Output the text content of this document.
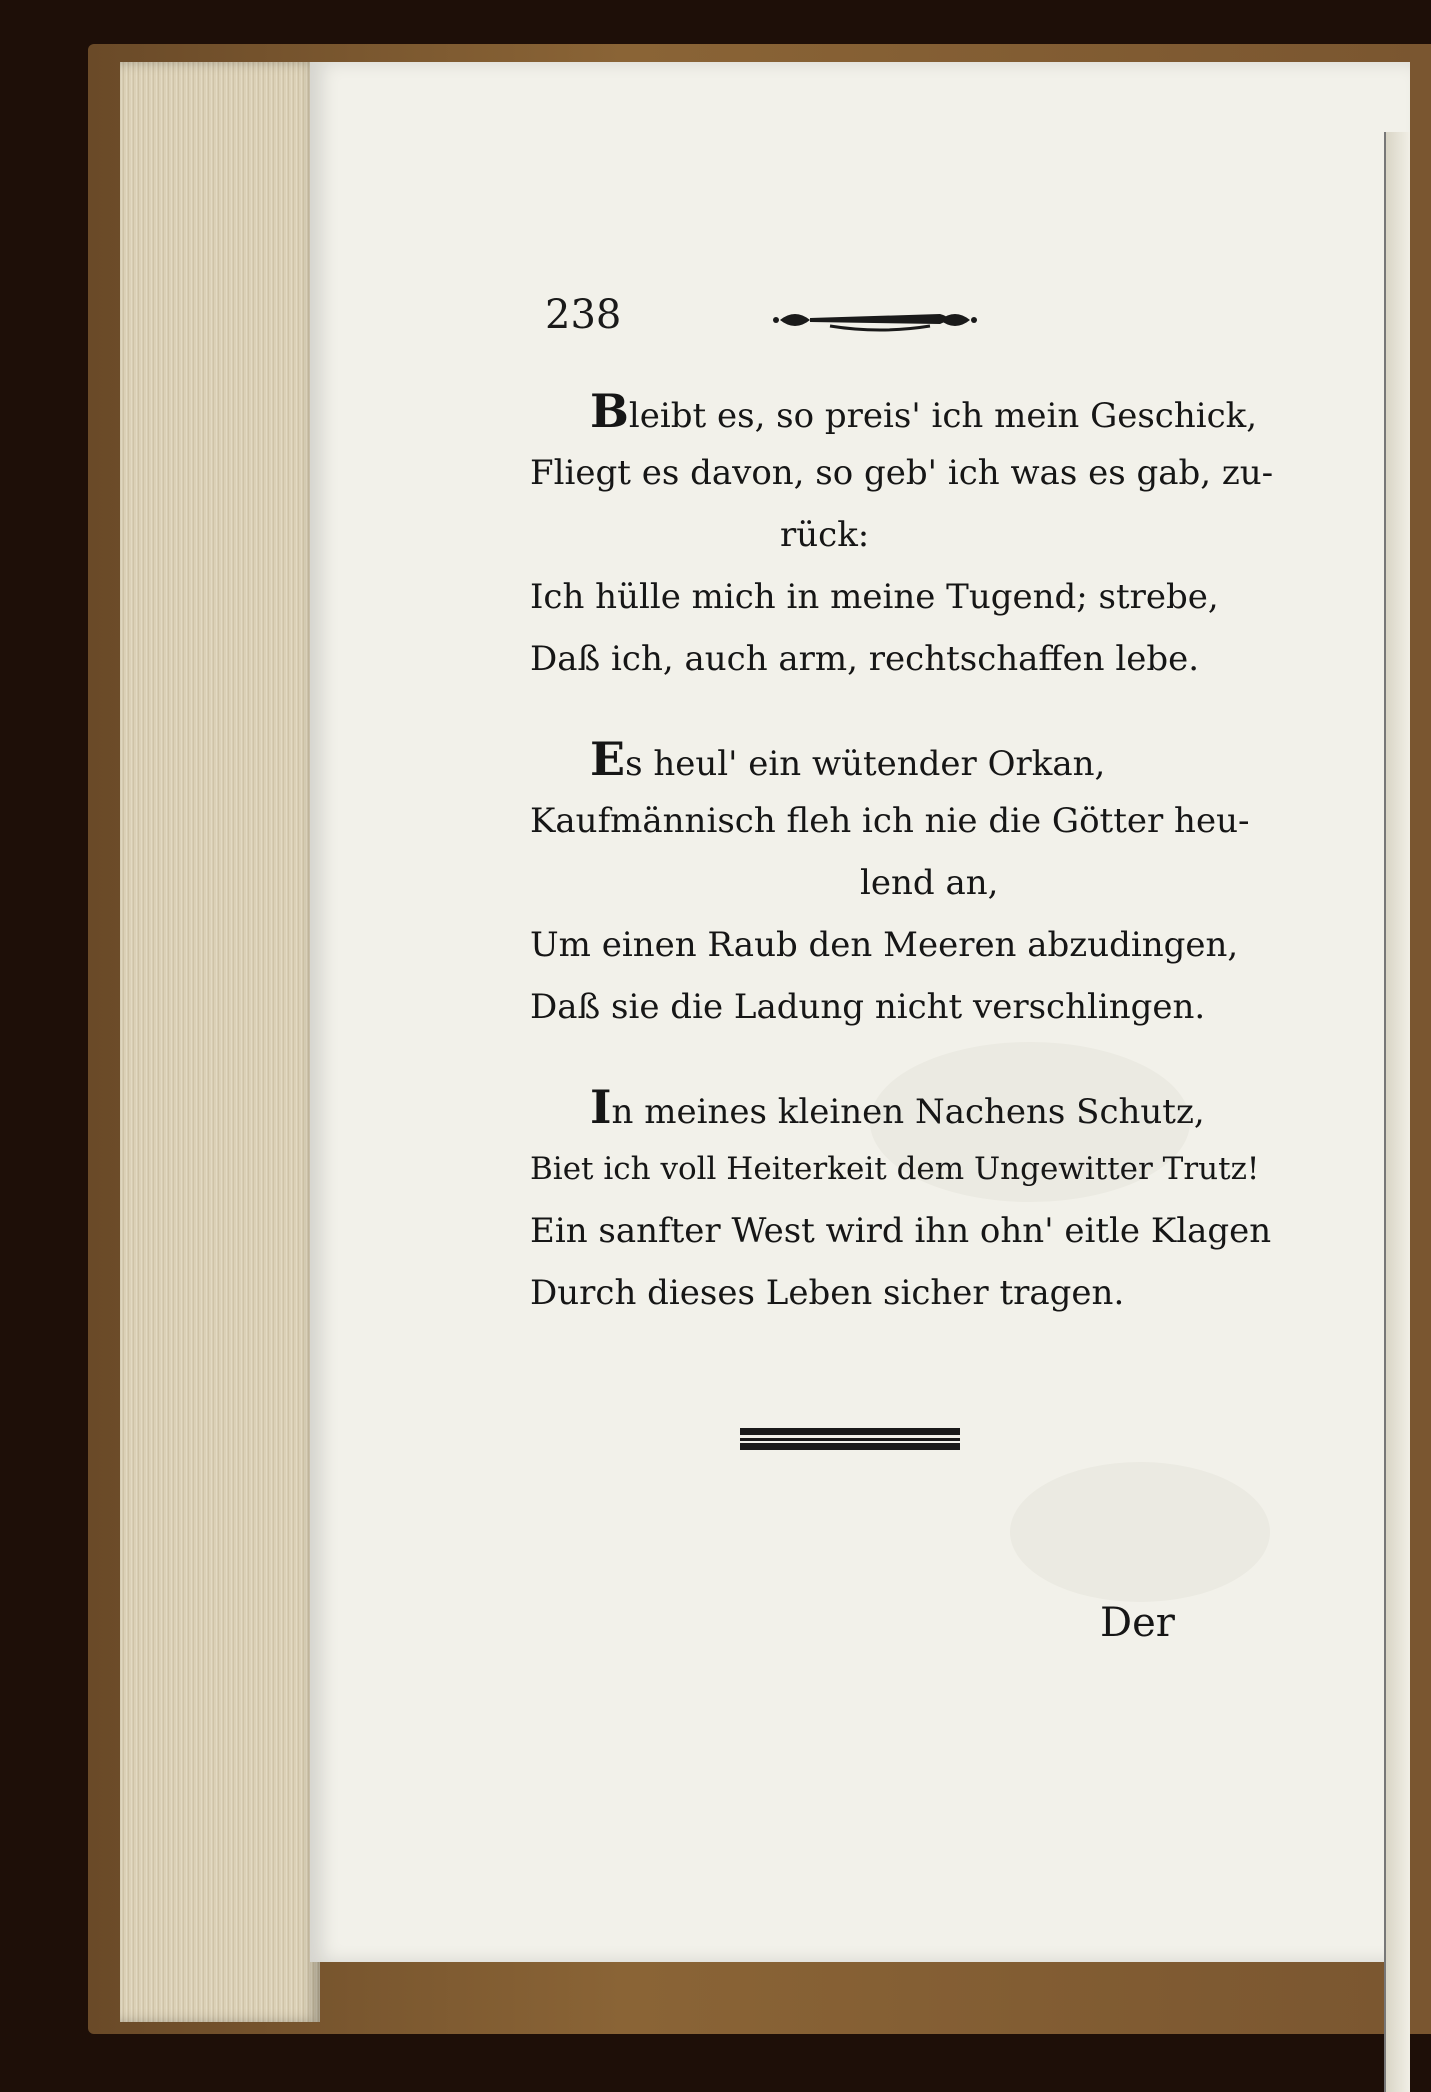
238
Bleibt es, so preis' ich mein Geschick,
Fliegt es davon, so geb' ich was es gab, zu-
rück:
Ich hülle mich in meine Tugend; strebe,
Daß ich, auch arm, rechtschaffen lebe.
Es heul' ein wütender Orkan,
Kaufmännisch fleh ich nie die Götter heu-
lend an,
Um einen Raub den Meeren abzudingen,
Daß sie die Ladung nicht verschlingen.
In meines kleinen Nachens Schutz,
Biet ich voll Heiterkeit dem Ungewitter Trutz!
Ein sanfter West wird ihn ohn' eitle Klagen
Durch dieses Leben sicher tragen.
Der
